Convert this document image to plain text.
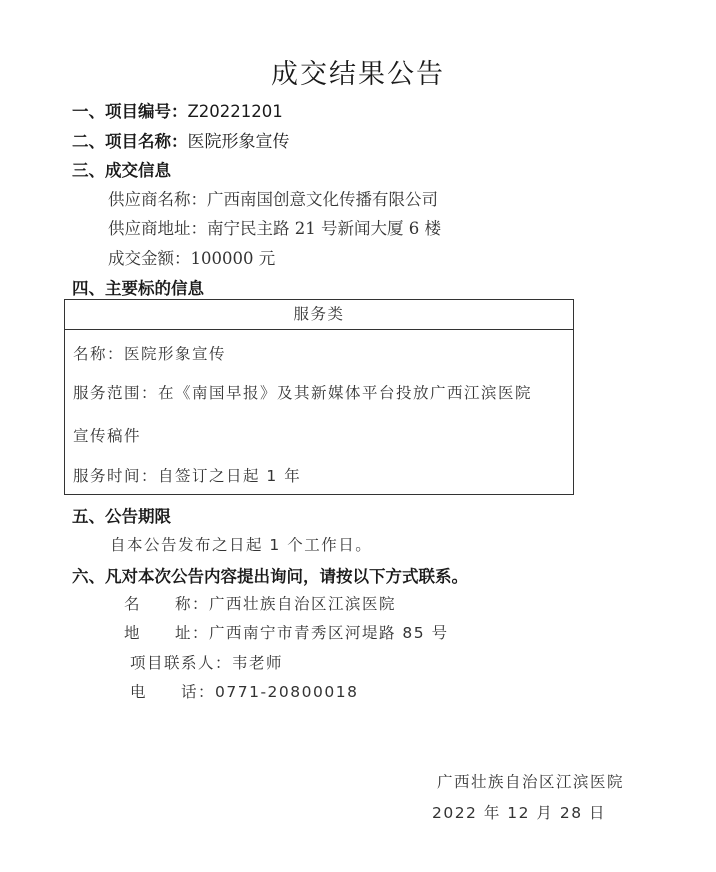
成交结果公告
一、项目编号：Z20221201
二、项目名称：医院形象宣传
三、成交信息
供应商名称：广西南国创意文化传播有限公司
供应商地址：南宁民主路 21 号新闻大厦 6 楼
成交金额：100000 元
四、主要标的信息
服务类
名称：医院形象宣传
服务范围：在《南国早报》及其新媒体平台投放广西江滨医院
宣传稿件
服务时间：自签订之日起 1 年
五、公告期限
自本公告发布之日起 1 个工作日。
六、凡对本次公告内容提出询问，请按以下方式联系。
名　　称：广西壮族自治区江滨医院
地　　址：广西南宁市青秀区河堤路 85 号
项目联系人：韦老师
电　　话：0771-20800018
广西壮族自治区江滨医院
2022 年 12 月 28 日
